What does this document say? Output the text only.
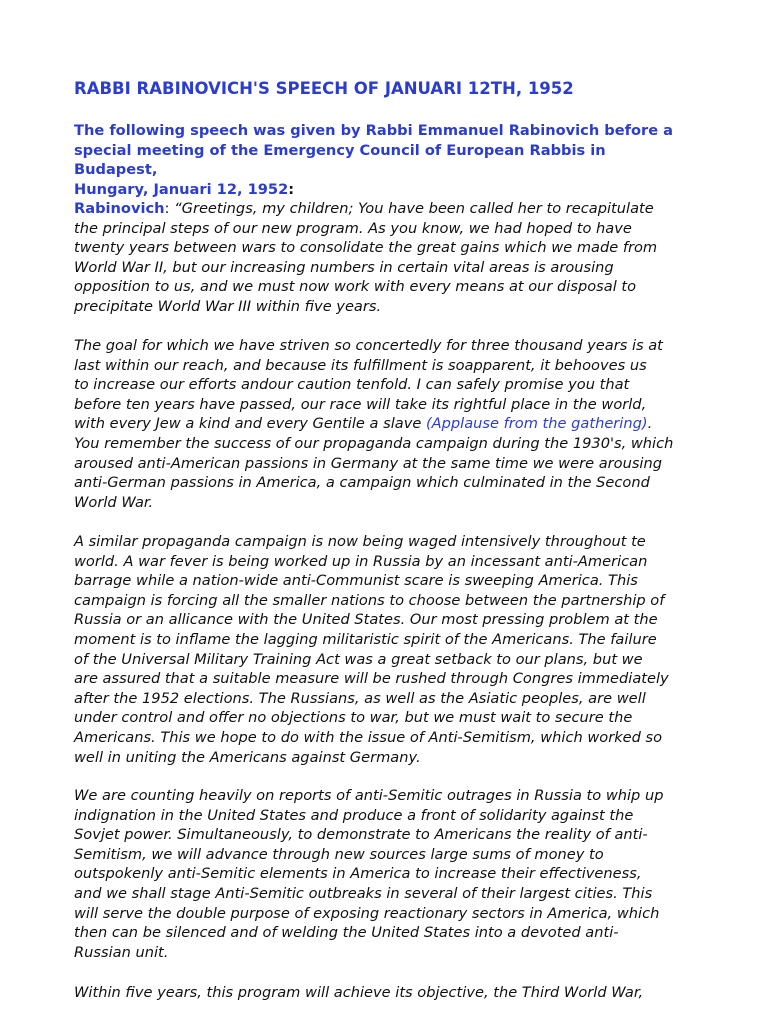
RABBI RABINOVICH'S SPEECH OF JANUARI 12TH, 1952

The following speech was given by Rabbi Emmanuel Rabinovich before a
special meeting of the Emergency Council of European Rabbis in Budapest,
Hungary, Januari 12, 1952:

Rabinovich: “Greetings, my children; You have been called her to recapitulate
the principal steps of our new program. As you know, we had hoped to have
twenty years between wars to consolidate the great gains which we made from
World War II, but our increasing numbers in certain vital areas is arousing
opposition to us, and we must now work with every means at our disposal to
precipitate World War III within five years.

The goal for which we have striven so concertedly for three thousand years is at
last within our reach, and because its fulfillment is soapparent, it behooves us
to increase our efforts andour caution tenfold. I can safely promise you that
before ten years have passed, our race will take its rightful place in the world,
with every Jew a kind and every Gentile a slave (Applause from the gathering).
You remember the success of our propaganda campaign during the 1930's, which
aroused anti-American passions in Germany at the same time we were arousing
anti-German passions in America, a campaign which culminated in the Second
World War.

A similar propaganda campaign is now being waged intensively throughout te
world. A war fever is being worked up in Russia by an incessant anti-American
barrage while a nation-wide anti-Communist scare is sweeping America. This
campaign is forcing all the smaller nations to choose between the partnership of
Russia or an allicance with the United States. Our most pressing problem at the
moment is to inflame the lagging militaristic spirit of the Americans. The failure
of the Universal Military Training Act was a great setback to our plans, but we
are assured that a suitable measure will be rushed through Congres immediately
after the 1952 elections. The Russians, as well as the Asiatic peoples, are well
under control and offer no objections to war, but we must wait to secure the
Americans. This we hope to do with the issue of Anti-Semitism, which worked so
well in uniting the Americans against Germany.

We are counting heavily on reports of anti-Semitic outrages in Russia to whip up
indignation in the United States and produce a front of solidarity against the
Sovjet power. Simultaneously, to demonstrate to Americans the reality of anti-
Semitism, we will advance through new sources large sums of money to
outspokenly anti-Semitic elements in America to increase their effectiveness,
and we shall stage Anti-Semitic outbreaks in several of their largest cities. This
will serve the double purpose of exposing reactionary sectors in America, which
then can be silenced and of welding the United States into a devoted anti-
Russian unit.

Within five years, this program will achieve its objective, the Third World War,
